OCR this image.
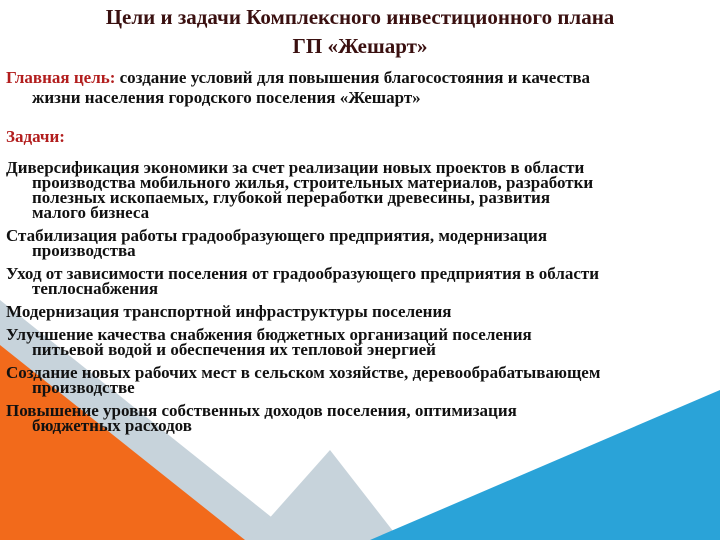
Цели и задачи Комплексного инвестиционного плана
ГП «Жешарт»
Главная цель: создание условий для повышения благосостояния и качества
жизни населения городского поселения «Жешарт»
Задачи:
Диверсификация экономики за счет реализации новых проектов в области
производства мобильного жилья, строительных материалов, разработки
полезных ископаемых, глубокой переработки древесины, развития
малого бизнеса
Стабилизация работы градообразующего предприятия, модернизация
производства
Уход от зависимости поселения от градообразующего предприятия в области
теплоснабжения
Модернизация транспортной инфраструктуры поселения
Улучшение качества снабжения бюджетных организаций поселения
питьевой водой и обеспечения их тепловой энергией
Создание новых рабочих мест в сельском хозяйстве, деревообрабатывающем
производстве
Повышение уровня собственных доходов поселения, оптимизация
бюджетных расходов
